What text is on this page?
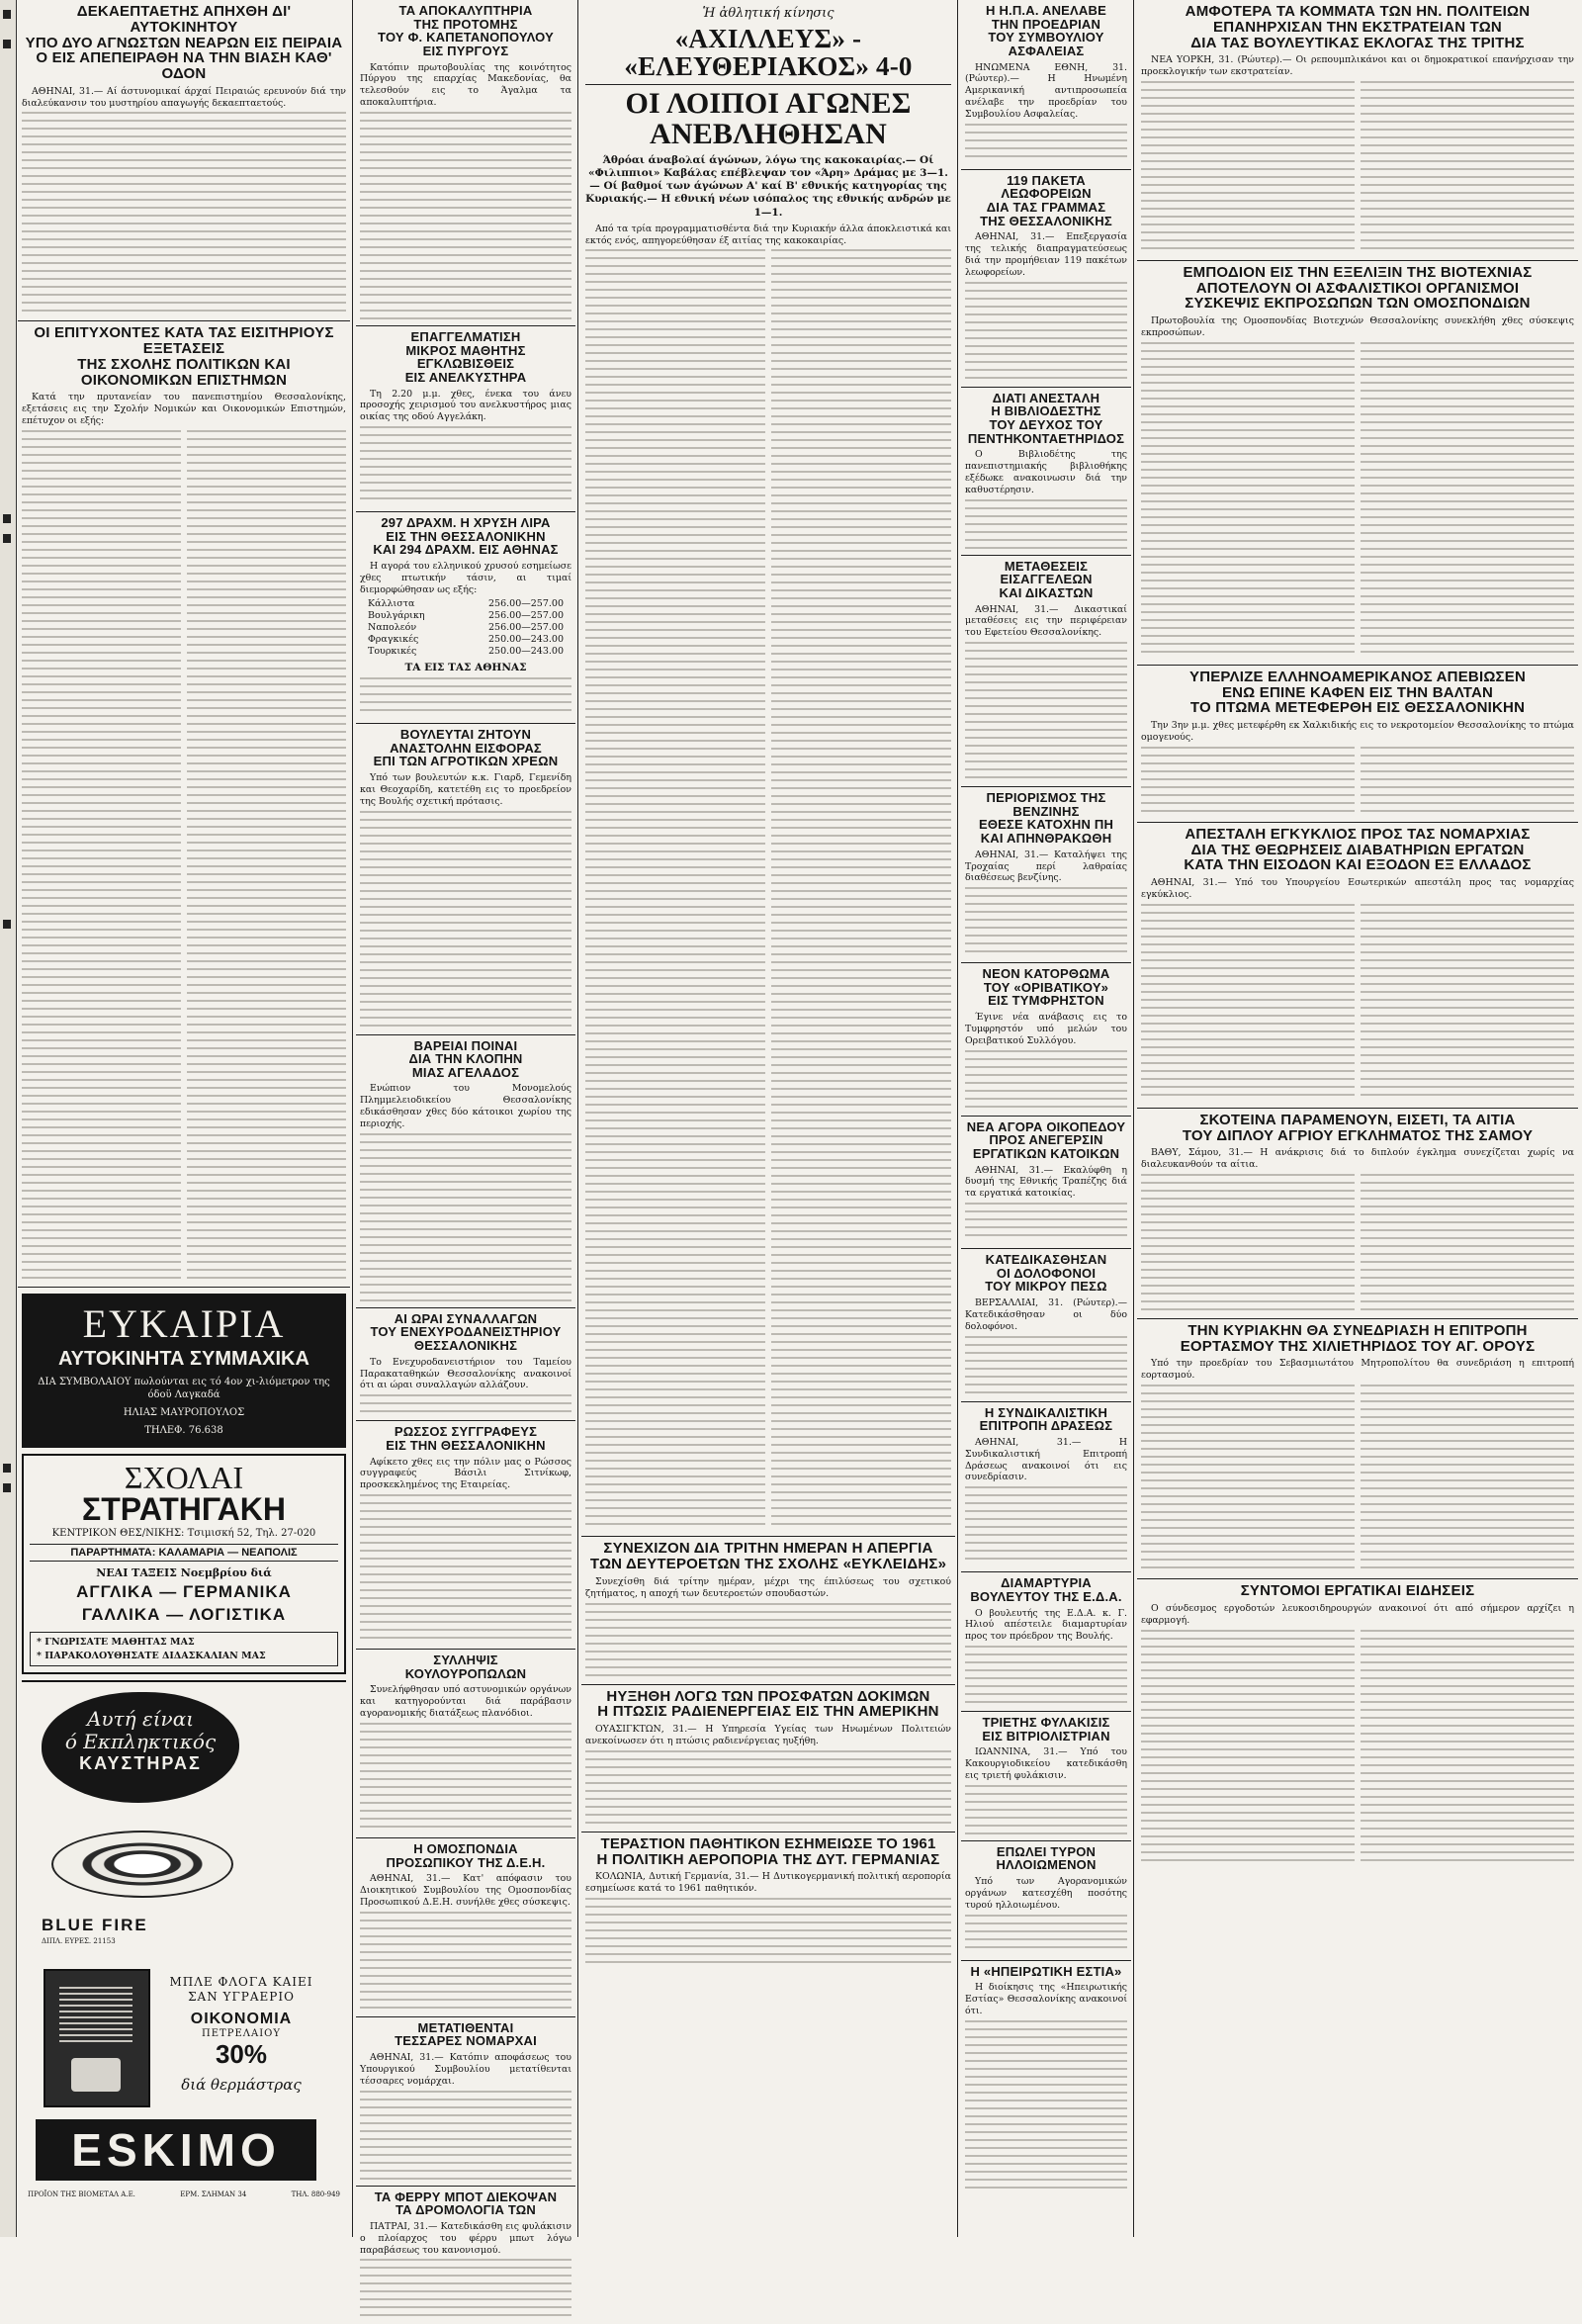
ΔΕΚΑΕΠΤΑΕΤΗΣ ΑΠΗΧΘΗ ΔΙ' ΑΥΤΟΚΙΝΗΤΟΥ
ΥΠΟ ΔΥΟ ΑΓΝΩΣΤΩΝ ΝΕΑΡΩΝ ΕΙΣ ΠΕΙΡΑΙΑ
Ο ΕΙΣ ΑΠΕΠΕΙΡΑΘΗ ΝΑ ΤΗΝ ΒΙΑΣΗ ΚΑΘ' ΟΔΟΝ

ΑΘΗΝΑΙ, 31.— Αί άστυνομικαί άρχαί Πειραιώς ερευνούν διά την διαλεύκανσιν του μυστηρίου απαγωγής δεκαεπταετούς.

ΟΙ ΕΠΙΤΥΧΟΝΤΕΣ ΚΑΤΑ ΤΑΣ ΕΙΣΙΤΗΡΙΟΥΣ ΕΞΕΤΑΣΕΙΣ
ΤΗΣ ΣΧΟΛΗΣ ΠΟΛΙΤΙΚΩΝ ΚΑΙ ΟΙΚΟΝΟΜΙΚΩΝ ΕΠΙΣΤΗΜΩΝ

Κατά την πρυτανείαν του πανεπιστημίου Θεσσαλονίκης, εξετάσεις εις την Σχολήν Νομικών και Οικονομικών Επιστημών, επέτυχον οι εξής:

ΕΥΚΑΙΡΙΑ
ΑΥΤΟΚΙΝΗΤΑ ΣΥΜΜΑΧΙΚΑ
ΔΙΑ ΣΥΜΒΟΛΑΙΟΥ πωλούνται εις τό 4ον χι-λιόμετρον της όδοϋ Λαγκαδά
ΗΛΙΑΣ ΜΑΥΡΟΠΟΥΛΟΣ
ΤΗΛΕΦ. 76.638
ΣΧΟΛΑΙ ΣΤΡΑΤΗΓΑΚΗ
ΚΕΝΤΡΙΚΟΝ ΘΕΣ/ΝΙΚΗΣ: Τσιμισκή 52, Τηλ. 27-020
ΠΑΡΑΡΤΗΜΑΤΑ: ΚΑΛΑΜΑΡΙΑ — ΝΕΑΠΟΛΙΣ
ΝΕΑΙ ΤΑΞΕΙΣ Νοεμβρίου διά
ΑΓΓΛΙΚΑ — ΓΕΡΜΑΝΙΚΑ
ΓΑΛΛΙΚΑ — ΛΟΓΙΣΤΙΚΑ
* ΓΝΩΡΙΣΑΤΕ ΜΑΘΗΤΑΣ ΜΑΣ
* ΠΑΡΑΚΟΛΟΥΘΗΣΑΤΕ ΔΙΔΑΣΚΑΛΙΑΝ ΜΑΣ
Αυτή είναι
ό Εκπληκτικός
ΚΑΥΣΤΗΡΑΣ
BLUE FIRE
ΔΙΠΛ. ΕΥΡΕΣ. 21153
ΜΠΛΕ ΦΛΟΓΑ ΚΑΙΕΙ ΣΑΝ ΥΓΡΑΕΡΙΟ
ΟΙΚΟΝΟΜΙΑ
ΠΕΤΡΕΛΑΙΟΥ
30%
διά θερμάστρας
ESKIMO
ΠΡΟΪΟΝ ΤΗΣ ΒΙΟΜΕΤΑΛ Α.Ε.	ΕΡΜ. ΣΛΗΜΑΝ 34	ΤΗΛ. 880-949
ΤΑ ΑΠΟΚΑΛΥΠΤΗΡΙΑ
ΤΗΣ ΠΡΟΤΟΜΗΣ
ΤΟΥ Φ. ΚΑΠΕΤΑΝΟΠΟΥΛΟΥ
ΕΙΣ ΠΥΡΓΟΥΣ

Κατόπιν πρωτοβουλίας της κοινότητος Πύργου της επαρχίας Μακεδονίας, θα τελεσθούν εις το Άγαλμα τα αποκαλυπτήρια.

ΕΠΑΓΓΕΛΜΑΤΙΣΗ
ΜΙΚΡΟΣ ΜΑΘΗΤΗΣ
ΕΓΚΛΩΒΙΣΘΕΙΣ
ΕΙΣ ΑΝΕΛΚΥΣΤΗΡΑ

Τη 2.20 μ.μ. χθες, ένεκα του άνευ προσοχής χειρισμού του ανελκυστήρος μιας οικίας της οδού Αγγελάκη.

297 ΔΡΑΧΜ. Η ΧΡΥΣΗ ΛΙΡΑ
ΕΙΣ ΤΗΝ ΘΕΣΣΑΛΟΝΙΚΗΝ
ΚΑΙ 294 ΔΡΑΧΜ. ΕΙΣ ΑΘΗΝΑΣ

Η αγορά του ελληνικού χρυσού εσημείωσε χθες πτωτικήν τάσιν, αι τιμαί διεμορφώθησαν ως εξής:

Κάλλιστα	256.00—257.00
Βουλγάρικη	256.00—257.00
Ναπολεόν	256.00—257.00
Φραγκικές	250.00—243.00
Τουρκικές	250.00—243.00

ΤΑ ΕΙΣ ΤΑΣ ΑΘΗΝΑΣ

ΒΟΥΛΕΥΤΑΙ ΖΗΤΟΥΝ
ΑΝΑΣΤΟΛΗΝ ΕΙΣΦΟΡΑΣ
ΕΠΙ ΤΩΝ ΑΓΡΟΤΙΚΩΝ ΧΡΕΩΝ

Υπό των βουλευτών κ.κ. Γιαρδ, Γεμενίδη και Θεοχαρίδη, κατετέθη εις το προεδρείον της Βουλής σχετική πρότασις.

ΒΑΡΕΙΑΙ ΠΟΙΝΑΙ
ΔΙΑ ΤΗΝ ΚΛΟΠΗΝ
ΜΙΑΣ ΑΓΕΛΑΔΟΣ

Ενώπιον του Μονομελούς Πλημμελειοδικείου Θεσσαλονίκης εδικάσθησαν χθες δύο κάτοικοι χωρίου της περιοχής.

ΑΙ ΩΡΑΙ ΣΥΝΑΛΛΑΓΩΝ
ΤΟΥ ΕΝΕΧΥΡΟΔΑΝΕΙΣΤΗΡΙΟΥ
ΘΕΣΣΑΛΟΝΙΚΗΣ

Το Ενεχυροδανειστήριον του Ταμείου Παρακαταθηκών Θεσσαλονίκης ανακοινοί ότι αι ώραι συναλλαγών αλλάζουν.

ΡΩΣΣΟΣ ΣΥΓΓΡΑΦΕΥΣ
ΕΙΣ ΤΗΝ ΘΕΣΣΑΛΟΝΙΚΗΝ

Αφίκετο χθες εις την πόλιν μας ο Ρώσσος συγγραφεύς Βάσιλι Σιτνίκωφ, προσκεκλημένος της Εταιρείας.

ΣΥΛΛΗΨΙΣ
ΚΟΥΛΟΥΡΟΠΩΛΩΝ

Συνελήφθησαν υπό αστυνομικών οργάνων και κατηγορούνται διά παράβασιν αγορανομικής διατάξεως πλανόδιοι.

Η ΟΜΟΣΠΟΝΔΙΑ
ΠΡΟΣΩΠΙΚΟΥ ΤΗΣ Δ.Ε.Η.

ΑΘΗΝΑΙ, 31.— Κατ' απόφασιν του Διοικητικού Συμβουλίου της Ομοσπονδίας Προσωπικού Δ.Ε.Η. συνήλθε χθες σύσκεψις.

ΜΕΤΑΤΙΘΕΝΤΑΙ
ΤΕΣΣΑΡΕΣ ΝΟΜΑΡΧΑΙ

ΑΘΗΝΑΙ, 31.— Κατόπιν αποφάσεως του Υπουργικού Συμβουλίου μετατίθενται τέσσαρες νομάρχαι.

ΤΑ ΦΕΡΡΥ ΜΠΟΤ ΔΙΕΚΟΨΑΝ
ΤΑ ΔΡΟΜΟΛΟΓΙΑ ΤΩΝ

ΠΑΤΡΑΙ, 31.— Κατεδικάσθη εις φυλάκισιν ο πλοίαρχος του φέρρυ μπωτ λόγω παραβάσεως του κανονισμού.

Ἡ ἀθλητική κίνησις
«ΑΧΙΛΛΕΥΣ» - «ΕΛΕΥΘΕΡΙΑΚΟΣ» 4-0
ΟΙ ΛΟΙΠΟΙ ΑΓΩΝΕΣ ΑΝΕΒΛΗΘΗΣΑΝ

Άθρόαι άναβολαί άγώνων, λόγω της κακοκαιρίας.— Οί «Φιλιππιοι» Καβάλας επέβλεψαν τον «Άρη» Δράμας με 3—1.— Οί βαθμοί των άγώνων Α' καί Β' εθνικής κατηγορίας της Κυριακής.— Η εθνική νέων ισόπαλος της εθνικής ανδρών με 1—1.

Από τα τρία προγραμματισθέντα διά την Κυριακήν άλλα άποκλειστικά και εκτός ενός, απηγορεύθησαν έξ αιτίας της κακοκαιρίας.

ΣΥΝΕΧΙΖΟΝ ΔΙΑ ΤΡΙΤΗΝ ΗΜΕΡΑΝ Η ΑΠΕΡΓΙΑ
ΤΩΝ ΔΕΥΤΕΡΟΕΤΩΝ ΤΗΣ ΣΧΟΛΗΣ «ΕΥΚΛΕΙΔΗΣ»

Συνεχίσθη διά τρίτην ημέραν, μέχρι της έπιλύσεως του σχετικού ζητήματος, η αποχή των δευτεροετών σπουδαστών.

ΗΥΞΗΘΗ ΛΟΓΩ ΤΩΝ ΠΡΟΣΦΑΤΩΝ ΔΟΚΙΜΩΝ
Η ΠΤΩΣΙΣ ΡΑΔΙΕΝΕΡΓΕΙΑΣ ΕΙΣ ΤΗΝ ΑΜΕΡΙΚΗΝ

ΟΥΑΣΙΓΚΤΩΝ, 31.— Η Υπηρεσία Υγείας των Ηνωμένων Πολιτειών ανεκοίνωσεν ότι η πτώσις ραδιενέργειας ηυξήθη.

ΤΕΡΑΣΤΙΟΝ ΠΑΘΗΤΙΚΟΝ ΕΣΗΜΕΙΩΣΕ ΤΟ 1961
Η ΠΟΛΙΤΙΚΗ ΑΕΡΟΠΟΡΙΑ ΤΗΣ ΔΥΤ. ΓΕΡΜΑΝΙΑΣ

ΚΟΛΩΝΙΑ, Δυτική Γερμανία, 31.— Η Δυτικογερμανική πολιτική αεροπορία εσημείωσε κατά το 1961 παθητικόν.

Η Η.Π.Α. ΑΝΕΛΑΒΕ
ΤΗΝ ΠΡΟΕΔΡΙΑΝ
ΤΟΥ ΣΥΜΒΟΥΛΙΟΥ
ΑΣΦΑΛΕΙΑΣ

ΗΝΩΜΕΝΑ ΕΘΝΗ, 31. (Ρώυτερ).— Η Ηνωμένη Αμερικανική αντιπροσωπεία ανέλαβε την προεδρίαν του Συμβουλίου Ασφαλείας.

119 ΠΑΚΕΤΑ
ΛΕΩΦΟΡΕΙΩΝ
ΔΙΑ ΤΑΣ ΓΡΑΜΜΑΣ
ΤΗΣ ΘΕΣΣΑΛΟΝΙΚΗΣ

ΑΘΗΝΑΙ, 31.— Επεξεργασία της τελικής διαπραγματεύσεως διά την προμήθειαν 119 πακέτων λεωφορείων.

ΔΙΑΤΙ ΑΝΕΣΤΑΛΗ
Η ΒΙΒΛΙΟΔΕΣΤΗΣ
ΤΟΥ ΔΕΥΧΟΣ ΤΟΥ
ΠΕΝΤΗΚΟΝΤΑΕΤΗΡΙΔΟΣ

Ο Βιβλιοδέτης της πανεπιστημιακής βιβλιοθήκης εξέδωκε ανακοινωσιν διά την καθυστέρησιν.

ΜΕΤΑΘΕΣΕΙΣ
ΕΙΣΑΓΓΕΛΕΩΝ
ΚΑΙ ΔΙΚΑΣΤΩΝ

ΑΘΗΝΑΙ, 31.— Δικαστικαί μεταθέσεις εις την περιφέρειαν του Εφετείου Θεσσαλονίκης.

ΠΕΡΙΟΡΙΣΜΟΣ ΤΗΣ ΒΕΝΖΙΝΗΣ
ΕΘΕΣΕ ΚΑΤΟΧΗΝ ΠΗ
ΚΑΙ ΑΠΗΝΘΡΑΚΩΘΗ

ΑΘΗΝΑΙ, 31.— Καταλήψει της Τροχαίας περί λαθραίας διαθέσεως βενζίνης.

ΝΕΟΝ ΚΑΤΟΡΘΩΜΑ
ΤΟΥ «ΟΡΙΒΑΤΙΚΟΥ»
ΕΙΣ ΤΥΜΦΡΗΣΤΟΝ

Έγινε νέα ανάβασις εις το Τυμφρηστόν υπό μελών του Ορειβατικού Συλλόγου.

ΝΕΑ ΑΓΟΡΑ ΟΙΚΟΠΕΔΟΥ
ΠΡΟΣ ΑΝΕΓΕΡΣΙΝ
ΕΡΓΑΤΙΚΩΝ ΚΑΤΟΙΚΩΝ

ΑΘΗΝΑΙ, 31.— Εκαλύφθη η δυσμή της Εθνικής Τραπέζης διά τα εργατικά κατοικίας.

ΚΑΤΕΔΙΚΑΣΘΗΣΑΝ
ΟΙ ΔΟΛΟΦΟΝΟΙ
ΤΟΥ ΜΙΚΡΟΥ ΠΕΣΩ

ΒΕΡΣΑΛΛΙΑΙ, 31. (Ρώυτερ).— Κατεδικάσθησαν οι δύο δολοφόνοι.

Η ΣΥΝΔΙΚΑΛΙΣΤΙΚΗ
ΕΠΙΤΡΟΠΗ ΔΡΑΣΕΩΣ

ΑΘΗΝΑΙ, 31.— Η Συνδικαλιστική Επιτροπή Δράσεως ανακοινοί ότι εις συνεδρίασιν.

ΔΙΑΜΑΡΤΥΡΙΑ
ΒΟΥΛΕΥΤΟΥ ΤΗΣ Ε.Δ.Α.

Ο βουλευτής της Ε.Δ.Α. κ. Γ. Ηλιού απέστειλε διαμαρτυρίαν προς τον πρόεδρον της Βουλής.

ΤΡΙΕΤΗΣ ΦΥΛΑΚΙΣΙΣ
ΕΙΣ ΒΙΤΡΙΟΛΙΣΤΡΙΑΝ

ΙΩΑΝΝΙΝΑ, 31.— Υπό του Κακουργιοδικείου κατεδικάσθη εις τριετή φυλάκισιν.

ΕΠΩΛΕΙ ΤΥΡΟΝ
ΗΛΛΟΙΩΜΕΝΟΝ

Υπό των Αγορανομικών οργάνων κατεσχέθη ποσότης τυρού ηλλοιωμένου.

Η «ΗΠΕΙΡΩΤΙΚΗ ΕΣΤΙΑ»

Η διοίκησις της «Ηπειρωτικής Εστίας» Θεσσαλονίκης ανακοινοί ότι.

ΑΜΦΟΤΕΡΑ ΤΑ ΚΟΜΜΑΤΑ ΤΩΝ ΗΝ. ΠΟΛΙΤΕΙΩΝ
ΕΠΑΝΗΡΧΙΣΑΝ ΤΗΝ ΕΚΣΤΡΑΤΕΙΑΝ ΤΩΝ
ΔΙΑ ΤΑΣ ΒΟΥΛΕΥΤΙΚΑΣ ΕΚΛΟΓΑΣ ΤΗΣ ΤΡΙΤΗΣ

ΝΕΑ ΥΟΡΚΗ, 31. (Ρώυτερ).— Οι ρεπουμπλικάνοι και οι δημοκρατικοί επανήρχισαν την προεκλογικήν των εκστρατείαν.

ΕΜΠΟΔΙΟΝ ΕΙΣ ΤΗΝ ΕΞΕΛΙΞΙΝ ΤΗΣ ΒΙΟΤΕΧΝΙΑΣ
ΑΠΟΤΕΛΟΥΝ ΟΙ ΑΣΦΑΛΙΣΤΙΚΟΙ ΟΡΓΑΝΙΣΜΟΙ
ΣΥΣΚΕΨΙΣ ΕΚΠΡΟΣΩΠΩΝ ΤΩΝ ΟΜΟΣΠΟΝΔΙΩΝ

Πρωτοβουλία της Ομοσπονδίας Βιοτεχνών Θεσσαλονίκης συνεκλήθη χθες σύσκεψις εκπροσώπων.

ΥΠΕΡΛΙΖΕ ΕΛΛΗΝΟΑΜΕΡΙΚΑΝΟΣ ΑΠΕΒΙΩΣΕΝ
ΕΝΩ ΕΠΙΝΕ ΚΑΦΕΝ ΕΙΣ ΤΗΝ ΒΑΛΤΑΝ
ΤΟ ΠΤΩΜΑ ΜΕΤΕΦΕΡΘΗ ΕΙΣ ΘΕΣΣΑΛΟΝΙΚΗΝ

Την 3ην μ.μ. χθες μετεφέρθη εκ Χαλκιδικής εις το νεκροτομείον Θεσσαλονίκης το πτώμα ομογενούς.

ΑΠΕΣΤΑΛΗ ΕΓΚΥΚΛΙΟΣ ΠΡΟΣ ΤΑΣ ΝΟΜΑΡΧΙΑΣ
ΔΙΑ ΤΗΣ ΘΕΩΡΗΣΕΙΣ ΔΙΑΒΑΤΗΡΙΩΝ ΕΡΓΑΤΩΝ
ΚΑΤΑ ΤΗΝ ΕΙΣΟΔΟΝ ΚΑΙ ΕΞΟΔΟΝ ΕΞ ΕΛΛΑΔΟΣ

ΑΘΗΝΑΙ, 31.— Υπό του Υπουργείου Εσωτερικών απεστάλη προς τας νομαρχίας εγκύκλιος.

ΣΚΟΤΕΙΝΑ ΠΑΡΑΜΕΝΟΥΝ, ΕΙΣΕΤΙ, ΤΑ ΑΙΤΙΑ
ΤΟΥ ΔΙΠΛΟΥ ΑΓΡΙΟΥ ΕΓΚΛΗΜΑΤΟΣ ΤΗΣ ΣΑΜΟΥ

ΒΑΘΥ, Σάμου, 31.— Η ανάκρισις διά το διπλούν έγκλημα συνεχίζεται χωρίς να διαλευκανθούν τα αίτια.

ΤΗΝ ΚΥΡΙΑΚΗΝ ΘΑ ΣΥΝΕΔΡΙΑΣΗ Η ΕΠΙΤΡΟΠΗ
ΕΟΡΤΑΣΜΟΥ ΤΗΣ ΧΙΛΙΕΤΗΡΙΔΟΣ ΤΟΥ ΑΓ. ΟΡΟΥΣ

Υπό την προεδρίαν του Σεβασμιωτάτου Μητροπολίτου θα συνεδριάση η επιτροπή εορτασμού.

ΣΥΝΤΟΜΟΙ ΕΡΓΑΤΙΚΑΙ ΕΙΔΗΣΕΙΣ

Ο σύνδεσμος εργοδοτών λευκοσιδηρουργών ανακοινοί ότι από σήμερον αρχίζει η εφαρμογή.
